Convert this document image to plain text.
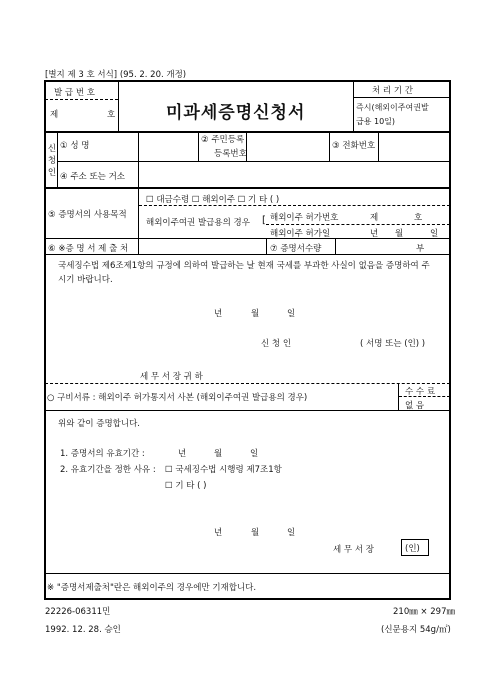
[별지 제 3 호 서식] (95. 2. 20. 개정)
발 급 번 호
제	호	미과세증명신청서
처 리 기 간
즉시(해외이주여권발
급용 10일)
신
청
인
① 성 명
② 주민등록
등록번호
③ 전화번호
④ 주소 또는 거소
⑤ 증명서의 사용목적
☐ 대금수령 ☐ 해외이주 ☐ 기 타 ( )
해외이주여권 발급용의 경우 [ 해외이주 허가번호	제	호
해외이주 허가일	년 월	일
⑥ ※증 명 서 제 출 처	⑦ 증명서수량	부
국세징수법 제6조제1항의 규정에 의하여 발급하는 날 현재 국세를 부과한 사실이 없음을 증명하여 주
시기 바랍니다.
년	월	일
신 청 인	( 서명 또는 (인) )
세 무 서 장 귀 하
○ 구비서류 : 해외이주 허가통지서 사본 (해외이주여권 발급용의 경우)
수 수 료
없 음
위와 같이 증명합니다.
1. 증명서의 유효기간 :	년	월	일
2. 유효기간을 정한 사유 : ☐ 국세징수법 시행령 제7조1항
☐ 기 타 ( )
년	월	일
세 무 서 장	(인)
※ "증명서제출처"란은 해외이주의 경우에만 기재합니다.
22226-06311민	210㎜ × 297㎜
1992. 12. 28. 승인	(신문용지 54g/㎡)
